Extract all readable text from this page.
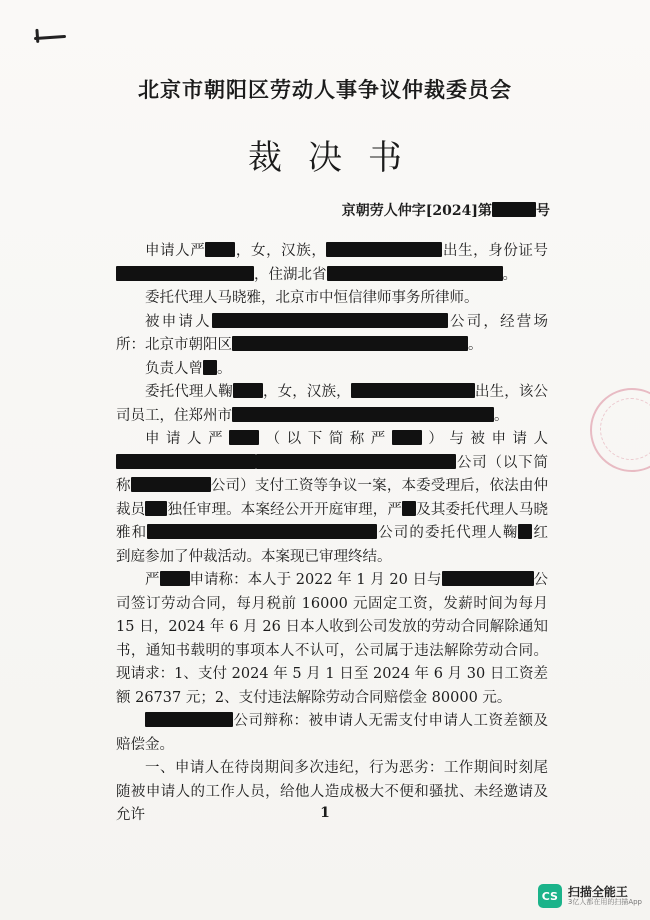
北京市朝阳区劳动人事争议仲裁委员会
裁决书
京朝劳人仲字[2024]第	号

申请人严 ，女，汉族，	出生，身份证号，住湖北省	。

委托代理人马晓雅，北京市中恒信律师事务所律师。

被申请人	公司，经营场所：北京市朝阳区	。

负责人曾 。

委托代理人鞠 ，女，汉族，	出生，该公司员工，住郑州市	。

申请人严 （以下简称严 ）与被申请人公司（以下简称	公司）支付工资等争议一案，本委受理后，依法由仲裁员 独任审理。本案经公开开庭审理，严 及其委托代理人马晓雅和	公司的委托代理人鞠 红到庭参加了仲裁活动。本案现已审理终结。

严 申请称：本人于 2022 年 1 月 20 日与	公司签订劳动合同，每月税前 16000 元固定工资，发薪时间为每月 15 日，2024 年 6 月 26 日本人收到公司发放的劳动合同解除通知书，通知书载明的事项本人不认可，公司属于违法解除劳动合同。现请求：1、支付 2024 年 5 月 1 日至 2024 年 6 月 30 日工资差额 26737 元；2、支付违法解除劳动合同赔偿金 80000 元。

公司辩称：被申请人无需支付申请人工资差额及赔偿金。

一、申请人在待岗期间多次违纪，行为恶劣：工作期间时刻尾随被申请人的工作人员，给他人造成极大不便和骚扰、未经邀请及允许	1
CS 扫描全能王
3亿人都在用的扫描App
